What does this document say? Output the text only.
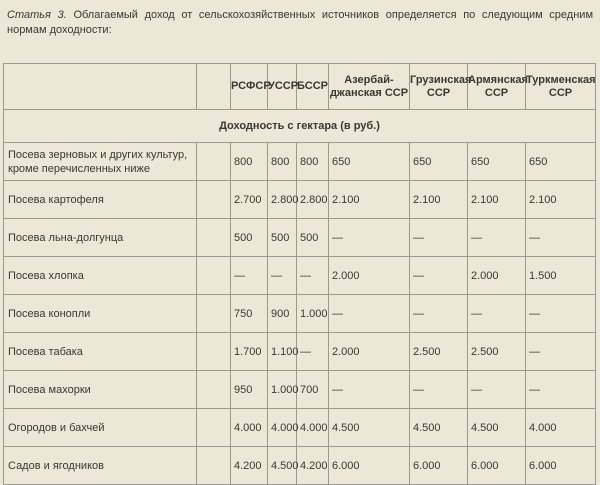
Статья 3. Облагаемый доход от сельскохозяйственных источников определяется по следующим средним нормам доходности:

		РСФСР	УССР	БССР	Азербай-джанская ССР	Грузинская ССР	Армянская ССР	Туркменская ССР
Доходность с гектара (в руб.)								
Посева зерновых и других культур, кроме перечисленных ниже		800	800	800	650	650	650	650
Посева картофеля		2.700	2.800	2.800	2.100	2.100	2.100	2.100
Посева льна-долгунца		500	500	500	—	—	—	—
Посева хлопка		—	—	—	2.000	—	2.000	1.500
Посева конопли		750	900	1.000	—	—	—	—
Посева табака		1.700	1.100	—	2.000	2.500	2.500	—
Посева махорки		950	1.000	700	—	—	—	—
Огородов и бахчей		4.000	4.000	4.000	4.500	4.500	4.500	4.000
Садов и ягодников		4.200	4.500	4.200	6.000	6.000	6.000	6.000
